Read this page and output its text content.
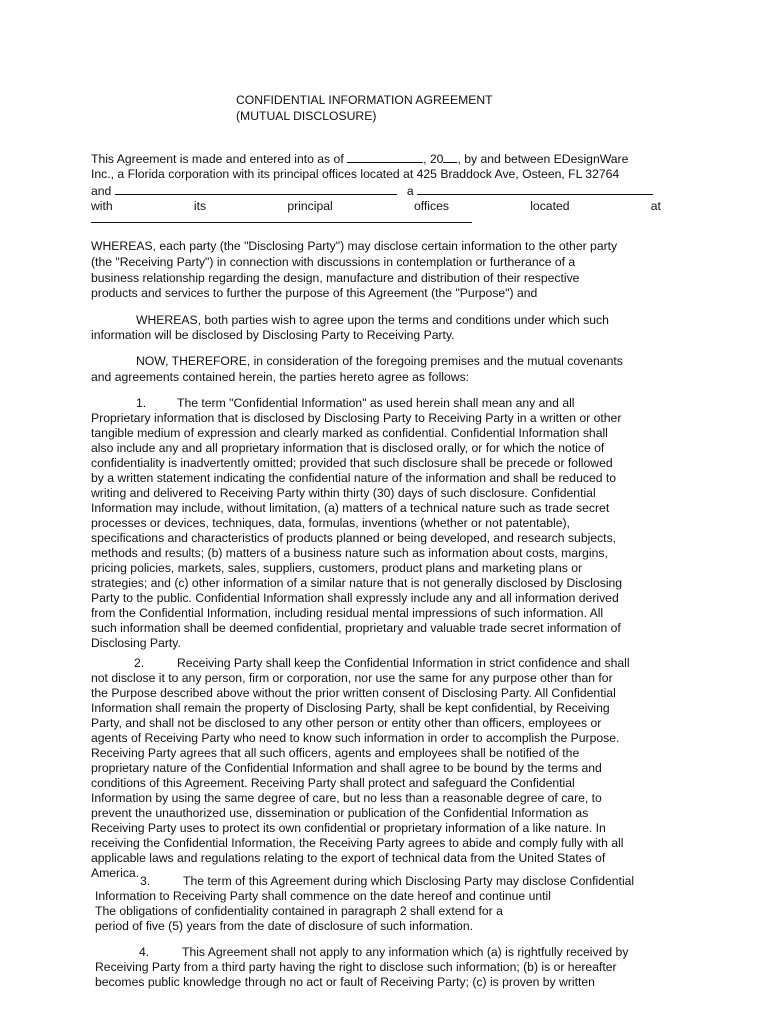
CONFIDENTIAL INFORMATION AGREEMENT
(MUTUAL DISCLOSURE)
This Agreement is made and entered into as of	, 20 , by and between EDesignWare
Inc., a Florida corporation with its principal offices located at 425 Braddock Ave, Osteen, FL 32764
and	a
with	its	principal	offices	located	at
WHEREAS, each party (the "Disclosing Party") may disclose certain information to the other party
(the "Receiving Party") in connection with discussions in contemplation or furtherance of a
business relationship regarding the design, manufacture and distribution of their respective
products and services to further the purpose of this Agreement (the "Purpose") and
WHEREAS, both parties wish to agree upon the terms and conditions under which such
information will be disclosed by Disclosing Party to Receiving Party.
NOW, THEREFORE, in consideration of the foregoing premises and the mutual covenants
and agreements contained herein, the parties hereto agree as follows:
1.	The term "Confidential Information" as used herein shall mean any and all
Proprietary information that is disclosed by Disclosing Party to Receiving Party in a written or other
tangible medium of expression and clearly marked as confidential. Confidential Information shall
also include any and all proprietary information that is disclosed orally, or for which the notice of
confidentiality is inadvertently omitted; provided that such disclosure shall be precede or followed
by a written statement indicating the confidential nature of the information and shall be reduced to
writing and delivered to Receiving Party within thirty (30) days of such disclosure. Confidential
Information may include, without limitation, (a) matters of a technical nature such as trade secret
processes or devices, techniques, data, formulas, inventions (whether or not patentable),
specifications and characteristics of products planned or being developed, and research subjects,
methods and results; (b) matters of a business nature such as information about costs, margins,
pricing policies, markets, sales, suppliers, customers, product plans and marketing plans or
strategies; and (c) other information of a similar nature that is not generally disclosed by Disclosing
Party to the public. Confidential Information shall expressly include any and all information derived
from the Confidential Information, including residual mental impressions of such information. All
such information shall be deemed confidential, proprietary and valuable trade secret information of
Disclosing Party.
2.	Receiving Party shall keep the Confidential Information in strict confidence and shall
not disclose it to any person, firm or corporation, nor use the same for any purpose other than for
the Purpose described above without the prior written consent of Disclosing Party. All Confidential
Information shall remain the property of Disclosing Party, shall be kept confidential, by Receiving
Party, and shall not be disclosed to any other person or entity other than officers, employees or
agents of Receiving Party who need to know such information in order to accomplish the Purpose.
Receiving Party agrees that all such officers, agents and employees shall be notified of the
proprietary nature of the Confidential Information and shall agree to be bound by the terms and
conditions of this Agreement. Receiving Party shall protect and safeguard the Confidential
Information by using the same degree of care, but no less than a reasonable degree of care, to
prevent the unauthorized use, dissemination or publication of the Confidential Information as
Receiving Party uses to protect its own confidential or proprietary information of a like nature. In
receiving the Confidential Information, the Receiving Party agrees to abide and comply fully with all
applicable laws and regulations relating to the export of technical data from the United States of
America.
3.	The term of this Agreement during which Disclosing Party may disclose Confidential
Information to Receiving Party shall commence on the date hereof and continue until
The obligations of confidentiality contained in paragraph 2 shall extend for a
period of five (5) years from the date of disclosure of such information.
4.	This Agreement shall not apply to any information which (a) is rightfully received by
Receiving Party from a third party having the right to disclose such information; (b) is or hereafter
becomes public knowledge through no act or fault of Receiving Party; (c) is proven by written
